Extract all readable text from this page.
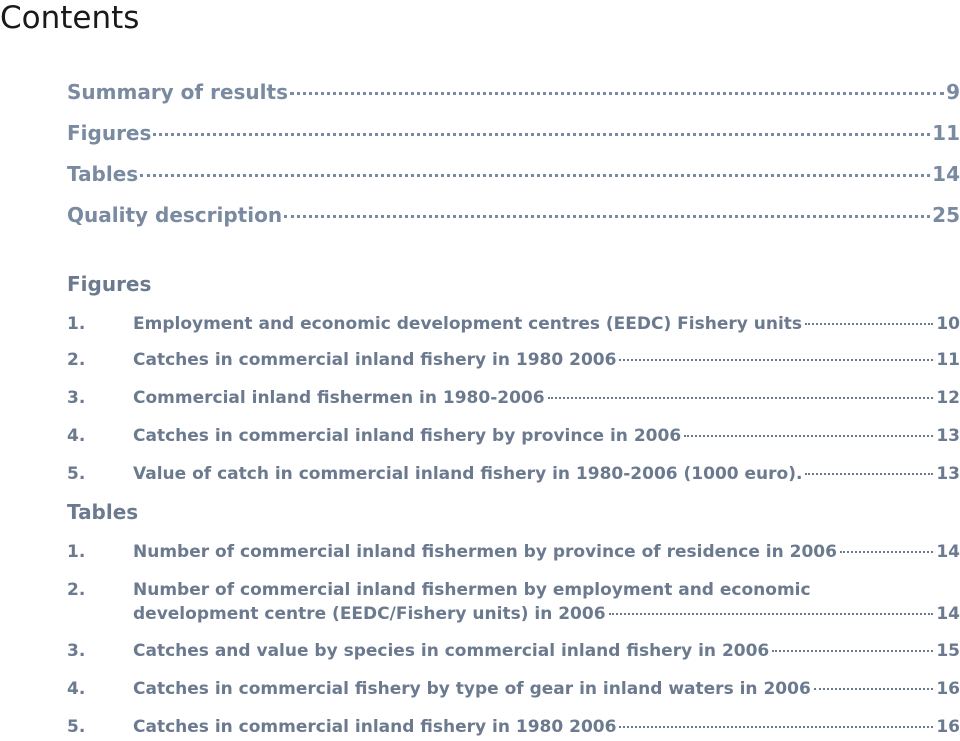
Contents
Summary of results	9
Figures	11
Tables	14
Quality description	25
Figures
1.	Employment and economic development centres (EEDC) Fishery units	10
2.	Catches in commercial inland fishery in 1980 2006	11
3.	Commercial inland fishermen in 1980-2006	12
4.	Catches in commercial inland fishery by province in 2006	13
5.	Value of catch in commercial inland fishery in 1980-2006 (1000 euro).	13
Tables
1.	Number of commercial inland fishermen by province of residence in 2006	14
2.	Number of commercial inland fishermen by employment and economic
development centre (EEDC/Fishery units) in 2006	14
3.	Catches and value by species in commercial inland fishery in 2006	15
4.	Catches in commercial fishery by type of gear in inland waters in 2006	16
5.	Catches in commercial inland fishery in 1980 2006	16
